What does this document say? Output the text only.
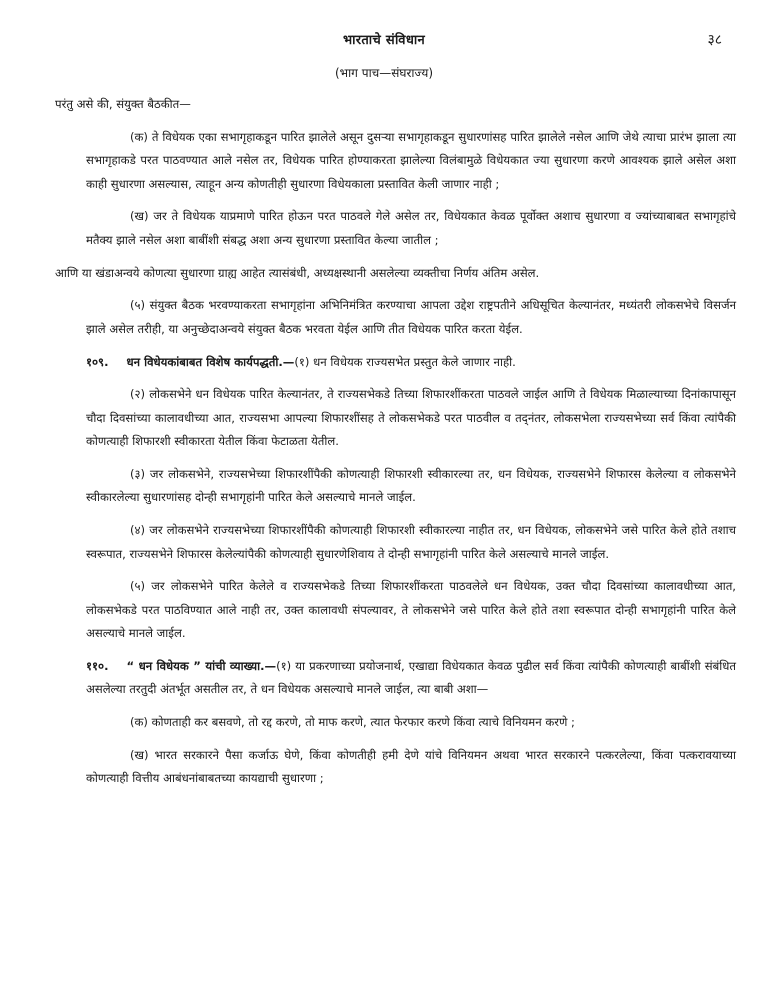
भारताचे संविधान	३८
(भाग पाच—संघराज्य)

परंतु असे की, संयुक्त बैठकीत—

(क) ते विधेयक एका सभागृहाकडून पारित झालेले असून दुसऱ्या सभागृहाकडून सुधारणांसह पारित झालेले नसेल आणि जेथे त्याचा प्रारंभ झाला त्या सभागृहाकडे परत पाठवण्यात आले नसेल तर, विधेयक पारित होण्याकरता झालेल्या विलंबामुळे विधेयकात ज्या सुधारणा करणे आवश्यक झाले असेल अशा काही सुधारणा असल्यास, त्याहून अन्य कोणतीही सुधारणा विधेयकाला प्रस्तावित केली जाणार नाही ;

(ख) जर ते विधेयक याप्रमाणे पारित होऊन परत पाठवले गेले असेल तर, विधेयकात केवळ पूर्वोक्त अशाच सुधारणा व ज्यांच्याबाबत सभागृहांचे मतैक्य झाले नसेल अशा बाबींशी संबद्ध अशा अन्य सुधारणा प्रस्तावित केल्या जातील ;

आणि या खंडाअन्वये कोणत्या सुधारणा ग्राह्य आहेत त्यासंबंधी, अध्यक्षस्थानी असलेल्या व्यक्तीचा निर्णय अंतिम असेल.

(५) संयुक्त बैठक भरवण्याकरता सभागृहांना अभिनिमंत्रित करण्याचा आपला उद्देश राष्ट्रपतीने अधिसूचित केल्यानंतर, मध्यंतरी लोकसभेचे विसर्जन झाले असेल तरीही, या अनुच्छेदाअन्वये संयुक्त बैठक भरवता येईल आणि तीत विधेयक पारित करता येईल.

१०९. धन विधेयकांबाबत विशेष कार्यपद्धती.—(१) धन विधेयक राज्यसभेत प्रस्तुत केले जाणार नाही.

(२) लोकसभेने धन विधेयक पारित केल्यानंतर, ते राज्यसभेकडे तिच्या शिफारशींकरता पाठवले जाईल आणि ते विधेयक मिळाल्याच्या दिनांकापासून चौदा दिवसांच्या कालावधीच्या आत, राज्यसभा आपल्या शिफारशींसह ते लोकसभेकडे परत पाठवील व तद्नंतर, लोकसभेला राज्यसभेच्या सर्व किंवा त्यांपैकी कोणत्याही शिफारशी स्वीकारता येतील किंवा फेटाळता येतील.

(३) जर लोकसभेने, राज्यसभेच्या शिफारशींपैकी कोणत्याही शिफारशी स्वीकारल्या तर, धन विधेयक, राज्यसभेने शिफारस केलेल्या व लोकसभेने स्वीकारलेल्या सुधारणांसह दोन्ही सभागृहांनी पारित केले असल्याचे मानले जाईल.

(४) जर लोकसभेने राज्यसभेच्या शिफारशींपैकी कोणत्याही शिफारशी स्वीकारल्या नाहीत तर, धन विधेयक, लोकसभेने जसे पारित केले होते तशाच स्वरूपात, राज्यसभेने शिफारस केलेल्यांपैकी कोणत्याही सुधारणेशिवाय ते दोन्ही सभागृहांनी पारित केले असल्याचे मानले जाईल.

(५) जर लोकसभेने पारित केलेले व राज्यसभेकडे तिच्या शिफारशींकरता पाठवलेले धन विधेयक, उक्त चौदा दिवसांच्या कालावधीच्या आत, लोकसभेकडे परत पाठविण्यात आले नाही तर, उक्त कालावधी संपल्यावर, ते लोकसभेने जसे पारित केले होते तशा स्वरूपात दोन्ही सभागृहांनी पारित केले असल्याचे मानले जाईल.

११०. “ धन विधेयक ” यांची व्याख्या.—(१) या प्रकरणाच्या प्रयोजनार्थ, एखाद्या विधेयकात केवळ पुढील सर्व किंवा त्यांपैकी कोणत्याही बाबींशी संबंधित असलेल्या तरतुदी अंतर्भूत असतील तर, ते धन विधेयक असल्याचे मानले जाईल, त्या बाबी अशा—

(क) कोणताही कर बसवणे, तो रद्द करणे, तो माफ करणे, त्यात फेरफार करणे किंवा त्याचे विनियमन करणे ;

(ख) भारत सरकारने पैसा कर्जाऊ घेणे, किंवा कोणतीही हमी देणे यांचे विनियमन अथवा भारत सरकारने पत्करलेल्या, किंवा पत्करावयाच्या कोणत्याही वित्तीय आबंधनांबाबतच्या कायद्याची सुधारणा ;
